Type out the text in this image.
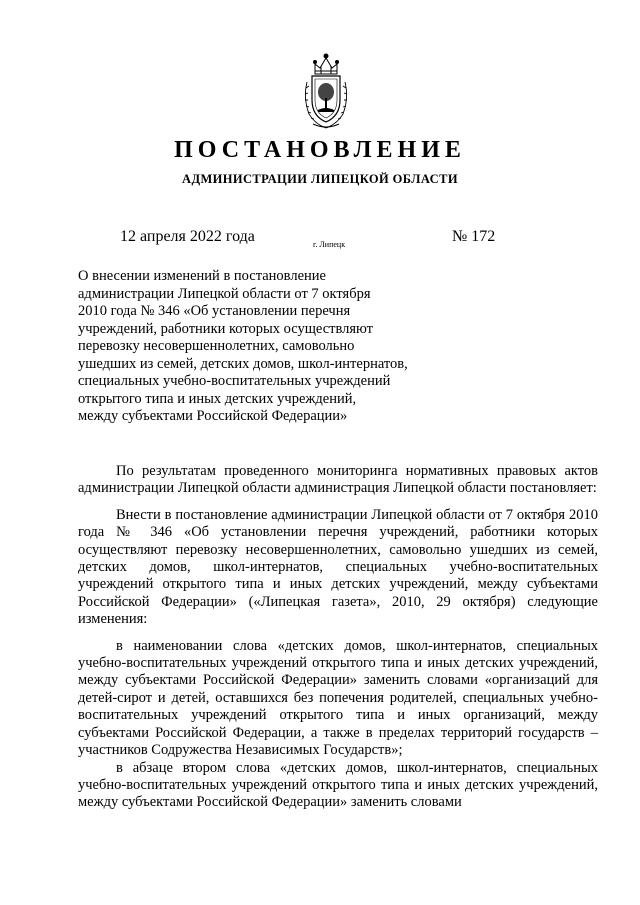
ПОСТАНОВЛЕНИЕ
АДМИНИСТРАЦИИ ЛИПЕЦКОЙ ОБЛАСТИ
12 апреля 2022 года	г. Липецк	№ 172
О внесении изменений в постановление
администрации Липецкой области от 7 октября
2010 года № 346 «Об установлении перечня
учреждений, работники которых осуществляют
перевозку несовершеннолетних, самовольно
ушедших из семей, детских домов, школ-интернатов,
специальных учебно-воспитательных учреждений
открытого типа и иных детских учреждений,
между субъектами Российской Федерации»

По результатам проведенного мониторинга нормативных правовых актов администрации Липецкой области администрация Липецкой области постановляет:

Внести в постановление администрации Липецкой области от 7 октября 2010 года № 346 «Об установлении перечня учреждений, работники которых осуществляют перевозку несовершеннолетних, самовольно ушедших из семей, детских домов, школ-интернатов, специальных учебно-воспитательных учреждений открытого типа и иных детских учреждений, между субъектами Российской Федерации» («Липецкая газета», 2010, 29 октября) следующие изменения:

в наименовании слова «детских домов, школ-интернатов, специальных учебно-воспитательных учреждений открытого типа и иных детских учреждений, между субъектами Российской Федерации» заменить словами «организаций для детей-сирот и детей, оставшихся без попечения родителей, специальных учебно-воспитательных учреждений открытого типа и иных организаций, между субъектами Российской Федерации, а также в пределах территорий государств – участников Содружества Независимых Государств»;

в абзаце втором слова «детских домов, школ-интернатов, специальных учебно-воспитательных учреждений открытого типа и иных детских учреждений, между субъектами Российской Федерации» заменить словами
